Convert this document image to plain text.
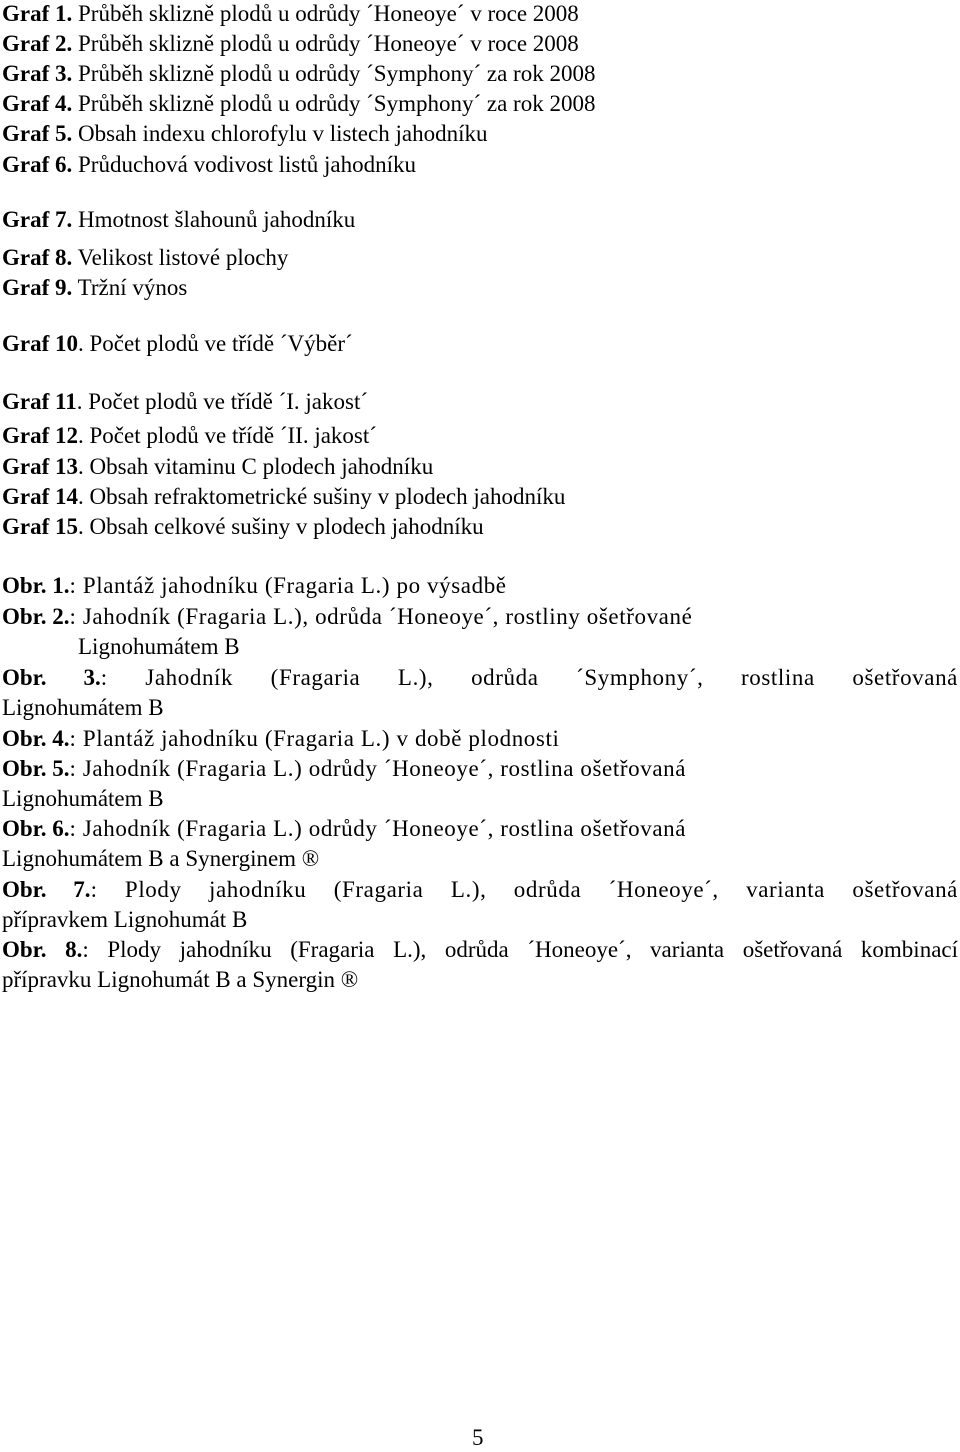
Graf 1. Průběh sklizně plodů u odrůdy ´Honeoye´ v roce 2008
Graf 2. Průběh sklizně plodů u odrůdy ´Honeoye´ v roce 2008
Graf 3. Průběh sklizně plodů u odrůdy ´Symphony´ za rok 2008
Graf 4. Průběh sklizně plodů u odrůdy ´Symphony´ za rok 2008
Graf 5. Obsah indexu chlorofylu v listech jahodníku
Graf 6. Průduchová vodivost listů jahodníku
Graf 7. Hmotnost šlahounů jahodníku
Graf 8. Velikost listové plochy
Graf 9. Tržní výnos
Graf 10. Počet plodů ve třídě ´Výběr´
Graf 11. Počet plodů ve třídě ´I. jakost´
Graf 12. Počet plodů ve třídě ´II. jakost´
Graf 13. Obsah vitaminu C plodech jahodníku
Graf 14. Obsah refraktometrické sušiny v plodech jahodníku
Graf 15. Obsah celkové sušiny v plodech jahodníku
Obr. 1.: Plantáž jahodníku (Fragaria L.) po výsadbě
Obr. 2.: Jahodník (Fragaria L.), odrůda ´Honeoye´, rostliny ošetřované
Lignohumátem B
Obr. 3.: Jahodník (Fragaria L.), odrůda ´Symphony´, rostlina ošetřovaná
Lignohumátem B
Obr. 4.: Plantáž jahodníku (Fragaria L.) v době plodnosti
Obr. 5.: Jahodník (Fragaria L.) odrůdy ´Honeoye´, rostlina ošetřovaná
Lignohumátem B
Obr. 6.: Jahodník (Fragaria L.) odrůdy ´Honeoye´, rostlina ošetřovaná
Lignohumátem B a Synerginem ®
Obr. 7.: Plody jahodníku (Fragaria L.), odrůda ´Honeoye´, varianta ošetřovaná
přípravkem Lignohumát B
Obr. 8.: Plody jahodníku (Fragaria L.), odrůda ´Honeoye´, varianta ošetřovaná kombinací
přípravku Lignohumát B a Synergin ®
5
